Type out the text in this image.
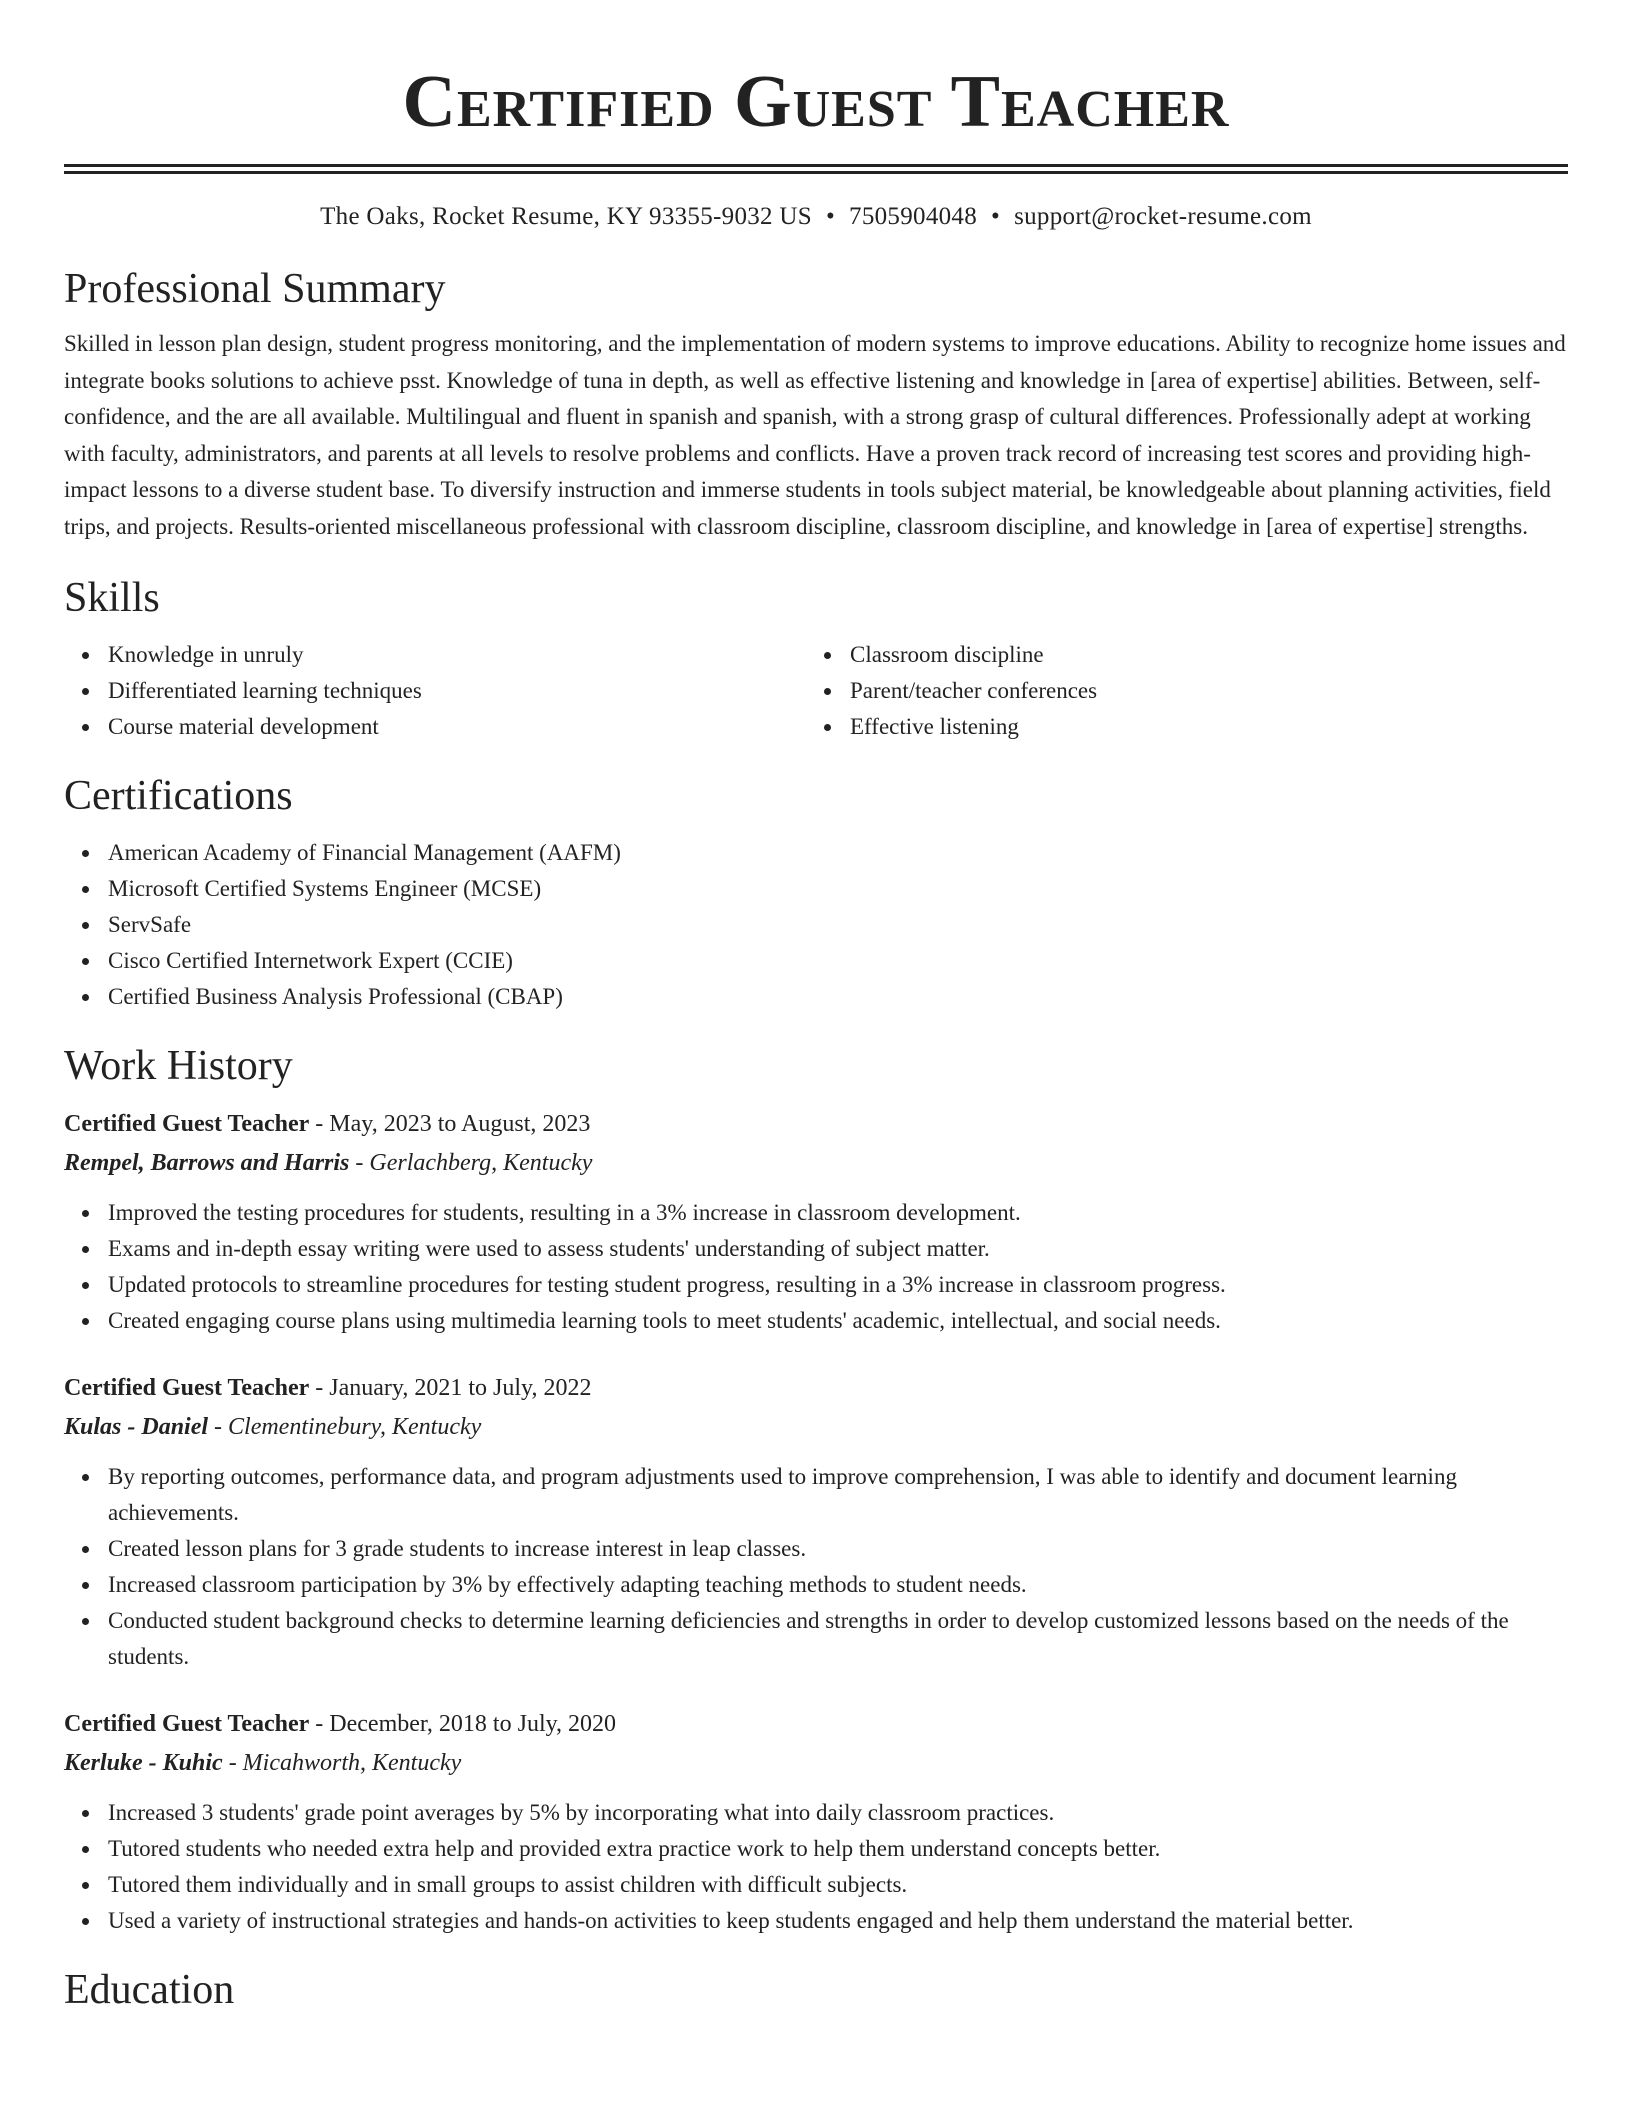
Certified Guest Teacher
The Oaks, Rocket Resume, KY 93355-9032 US • 7505904048 • support@rocket-resume.com
Professional Summary
Skilled in lesson plan design, student progress monitoring, and the implementation of modern systems to improve educations. Ability to recognize home issues and integrate books solutions to achieve psst. Knowledge of tuna in depth, as well as effective listening and knowledge in [area of expertise] abilities. Between, self-confidence, and the are all available. Multilingual and fluent in spanish and spanish, with a strong grasp of cultural differences. Professionally adept at working with faculty, administrators, and parents at all levels to resolve problems and conflicts. Have a proven track record of increasing test scores and providing high-impact lessons to a diverse student base. To diversify instruction and immerse students in tools subject material, be knowledgeable about planning activities, field trips, and projects. Results-oriented miscellaneous professional with classroom discipline, classroom discipline, and knowledge in [area of expertise] strengths.
Skills
Knowledge in unruly
Differentiated learning techniques
Course material development
Classroom discipline
Parent/teacher conferences
Effective listening
Certifications
American Academy of Financial Management (AAFM)
Microsoft Certified Systems Engineer (MCSE)
ServSafe
Cisco Certified Internetwork Expert (CCIE)
Certified Business Analysis Professional (CBAP)
Work History
Certified Guest Teacher - May, 2023 to August, 2023
Rempel, Barrows and Harris - Gerlachberg, Kentucky
Improved the testing procedures for students, resulting in a 3% increase in classroom development.
Exams and in-depth essay writing were used to assess students' understanding of subject matter.
Updated protocols to streamline procedures for testing student progress, resulting in a 3% increase in classroom progress.
Created engaging course plans using multimedia learning tools to meet students' academic, intellectual, and social needs.
Certified Guest Teacher - January, 2021 to July, 2022
Kulas - Daniel - Clementinebury, Kentucky
By reporting outcomes, performance data, and program adjustments used to improve comprehension, I was able to identify and document learning achievements.
Created lesson plans for 3 grade students to increase interest in leap classes.
Increased classroom participation by 3% by effectively adapting teaching methods to student needs.
Conducted student background checks to determine learning deficiencies and strengths in order to develop customized lessons based on the needs of the students.
Certified Guest Teacher - December, 2018 to July, 2020
Kerluke - Kuhic - Micahworth, Kentucky
Increased 3 students' grade point averages by 5% by incorporating what into daily classroom practices.
Tutored students who needed extra help and provided extra practice work to help them understand concepts better.
Tutored them individually and in small groups to assist children with difficult subjects.
Used a variety of instructional strategies and hands-on activities to keep students engaged and help them understand the material better.
Education
